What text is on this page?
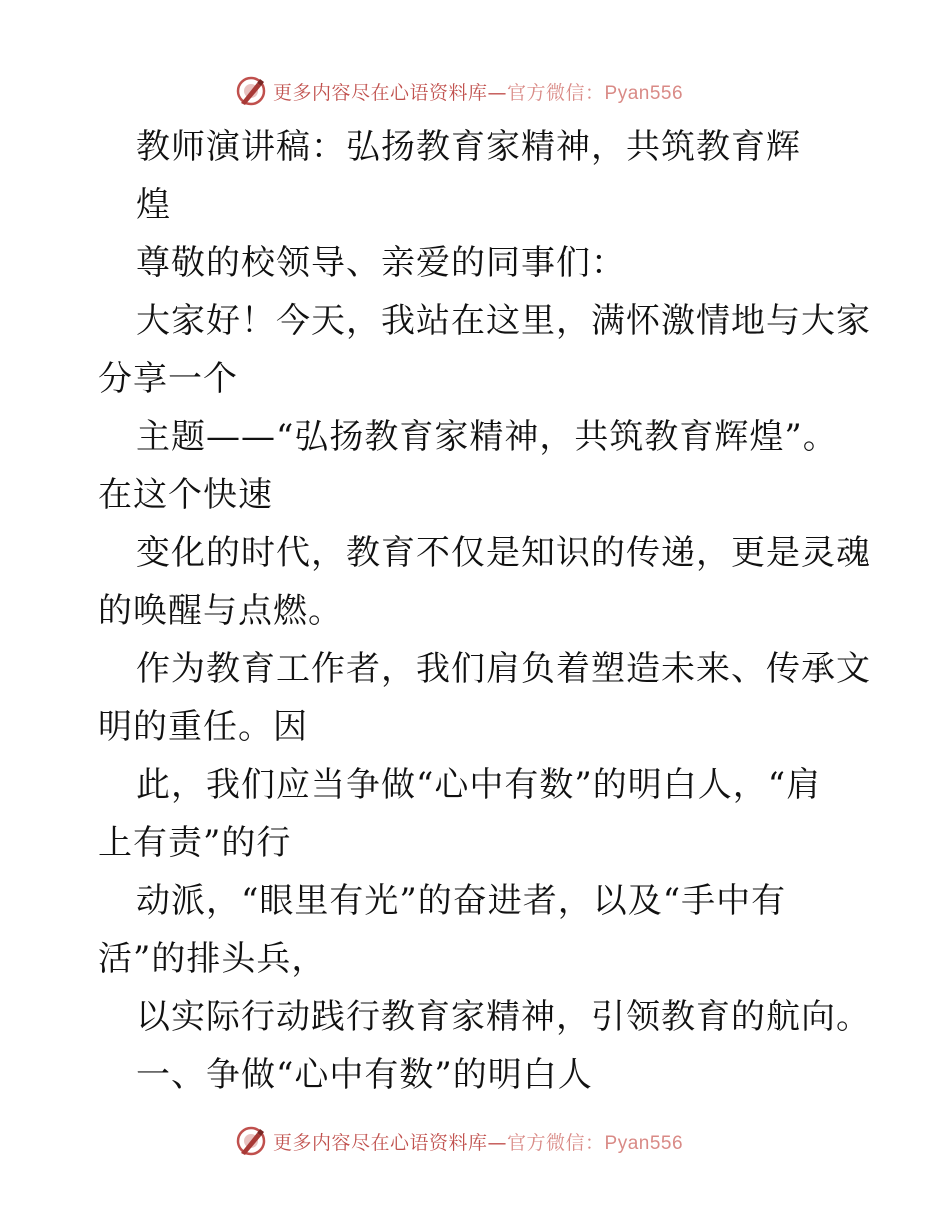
更多内容尽在心语资料库—官方微信：Pyan556
教师演讲稿：弘扬教育家精神，共筑教育辉
煌
尊敬的校领导、亲爱的同事们：
大家好！今天，我站在这里，满怀激情地与大家
分享一个
主题——“弘扬教育家精神，共筑教育辉煌”。
在这个快速
变化的时代，教育不仅是知识的传递，更是灵魂
的唤醒与点燃。
作为教育工作者，我们肩负着塑造未来、传承文
明的重任。因
此，我们应当争做“心中有数”的明白人，“肩
上有责”的行
动派，“眼里有光”的奋进者，以及“手中有
活”的排头兵，
以实际行动践行教育家精神，引领教育的航向。
一、争做“心中有数”的明白人
更多内容尽在心语资料库—官方微信：Pyan556
